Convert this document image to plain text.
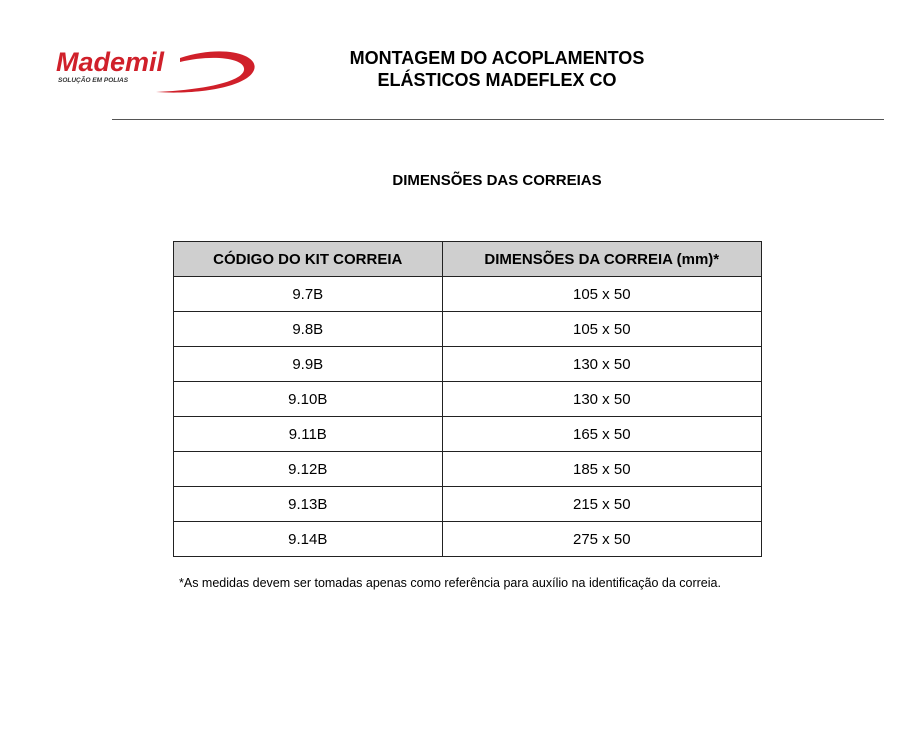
Mademil
SOLUÇÃO EM POLIAS
MONTAGEM DO ACOPLAMENTOS
ELÁSTICOS MADEFLEX CO
DIMENSÕES DAS CORREIAS
CÓDIGO DO KIT CORREIA	DIMENSÕES DA CORREIA (mm)*
9.7B	105 x 50
9.8B	105 x 50
9.9B	130 x 50
9.10B	130 x 50
9.11B	165 x 50
9.12B	185 x 50
9.13B	215 x 50
9.14B	275 x 50
*As medidas devem ser tomadas apenas como referência para auxílio na identificação da correia.
